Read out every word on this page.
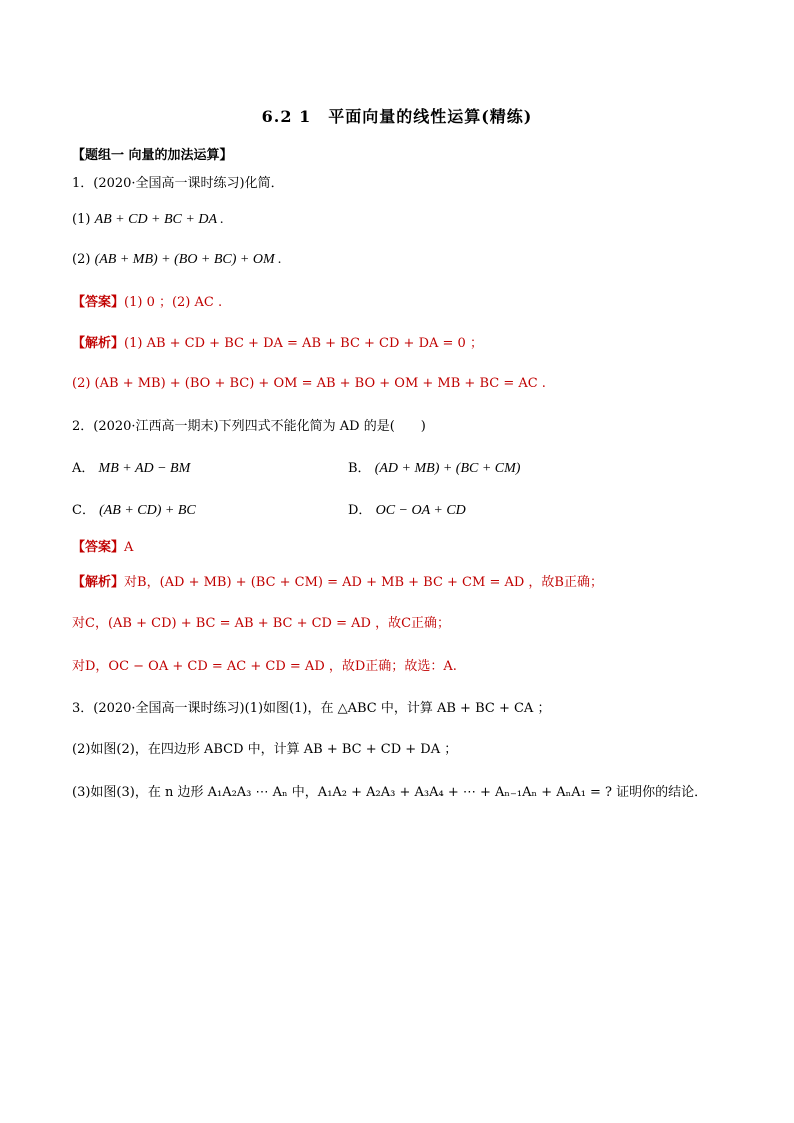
6.2 1　平面向量的线性运算(精练)
【题组一 向量的加法运算】
1．(2020·全国高一课时练习)化简．
(1) AB + CD + BC + DA .
(2) (AB + MB) + (BO + BC) + OM .
【答案】(1) 0 ；(2) AC .
【解析】(1) AB + CD + BC + DA = AB + BC + CD + DA = 0 ；
(2) (AB + MB) + (BO + BC) + OM = AB + BO + OM + MB + BC = AC .
2．(2020·江西高一期末)下列四式不能化简为 AD 的是(　　)
A． MB + AD − BM	B． (AD + MB) + (BC + CM)
C． (AB + CD) + BC	D． OC − OA + CD
【答案】A
【解析】对B，(AD + MB) + (BC + CM) = AD + MB + BC + CM = AD ，故B正确；
对C，(AB + CD) + BC = AB + BC + CD = AD ，故C正确；
对D，OC − OA + CD = AC + CD = AD ，故D正确；故选：A.
3．(2020·全国高一课时练习)(1)如图(1)，在 △ABC 中，计算 AB + BC + CA ；
(2)如图(2)，在四边形 ABCD 中，计算 AB + BC + CD + DA ；
(3)如图(3)，在 n 边形 A₁A₂A₃ ⋯ Aₙ 中，A₁A₂ + A₂A₃ + A₃A₄ + ⋯ + Aₙ₋₁Aₙ + AₙA₁ = ? 证明你的结论．
